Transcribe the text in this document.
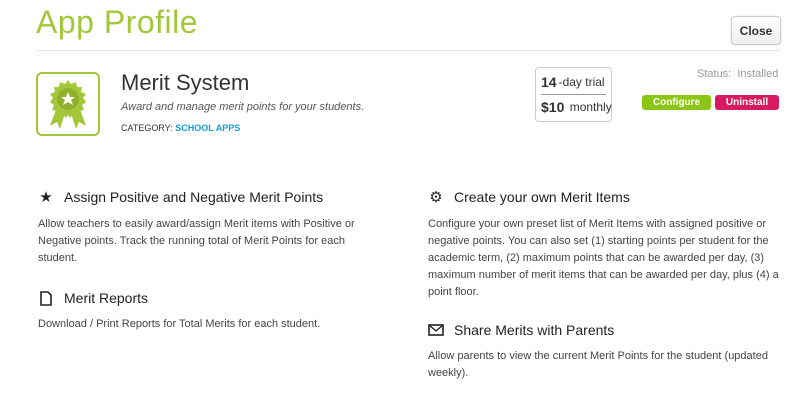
App Profile	Close
Merit System
Award and manage merit points for your students.
CATEGORY: SCHOOL APPS
14 -day trial
$10
monthly
Status:  Installed
Configure	Uninstall
★ Assign Positive and Negative Merit Points

Allow teachers to easily award/assign Merit items with Positive or Negative points. Track the running total of Merit Points for each student.

Merit Reports

Download / Print Reports for Total Merits for each student.

⚙ Create your own Merit Items

Configure your own preset list of Merit Items with assigned positive or negative points. You can also set (1) starting points per student for the academic term, (2) maximum points that can be awarded per day, (3) maximum number of merit items that can be awarded per day, plus (4) a point floor.

Share Merits with Parents

Allow parents to view the current Merit Points for the student (updated weekly).
